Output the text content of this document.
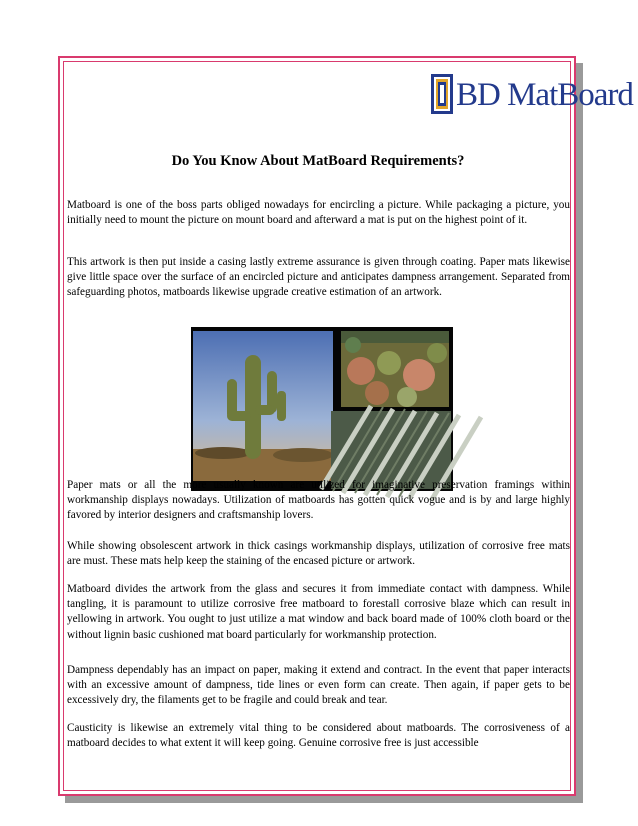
BD MatBoard
Do You Know About MatBoard Requirements?

Matboard is one of the boss parts obliged nowadays for encircling a picture. While packaging a picture, you initially need to mount the picture on mount board and afterward a mat is put on the highest point of it.

This artwork is then put inside a casing lastly extreme assurance is given through coating. Paper mats likewise give little space over the surface of an encircled picture and anticipates dampness arrangement. Separated from safeguarding photos, matboards likewise upgrade creative estimation of an artwork.

Paper mats or all the more usually known are utilized for imaginative preservation framings within workmanship displays nowadays. Utilization of matboards has gotten quick vogue and is by and large highly favored by interior designers and craftsmanship lovers.

While showing obsolescent artwork in thick casings workmanship displays, utilization of corrosive free mats are must. These mats help keep the staining of the encased picture or artwork.

Matboard divides the artwork from the glass and secures it from immediate contact with dampness. While tangling, it is paramount to utilize corrosive free matboard to forestall corrosive blaze which can result in yellowing in artwork. You ought to just utilize a mat window and back board made of 100% cloth board or the without lignin basic cushioned mat board particularly for workmanship protection.

Dampness dependably has an impact on paper, making it extend and contract. In the event that paper interacts with an excessive amount of dampness, tide lines or even form can create. Then again, if paper gets to be excessively dry, the filaments get to be fragile and could break and tear.

Causticity is likewise an extremely vital thing to be considered about matboards. The corrosiveness of a matboard decides to what extent it will keep going. Genuine corrosive free is just accessible
